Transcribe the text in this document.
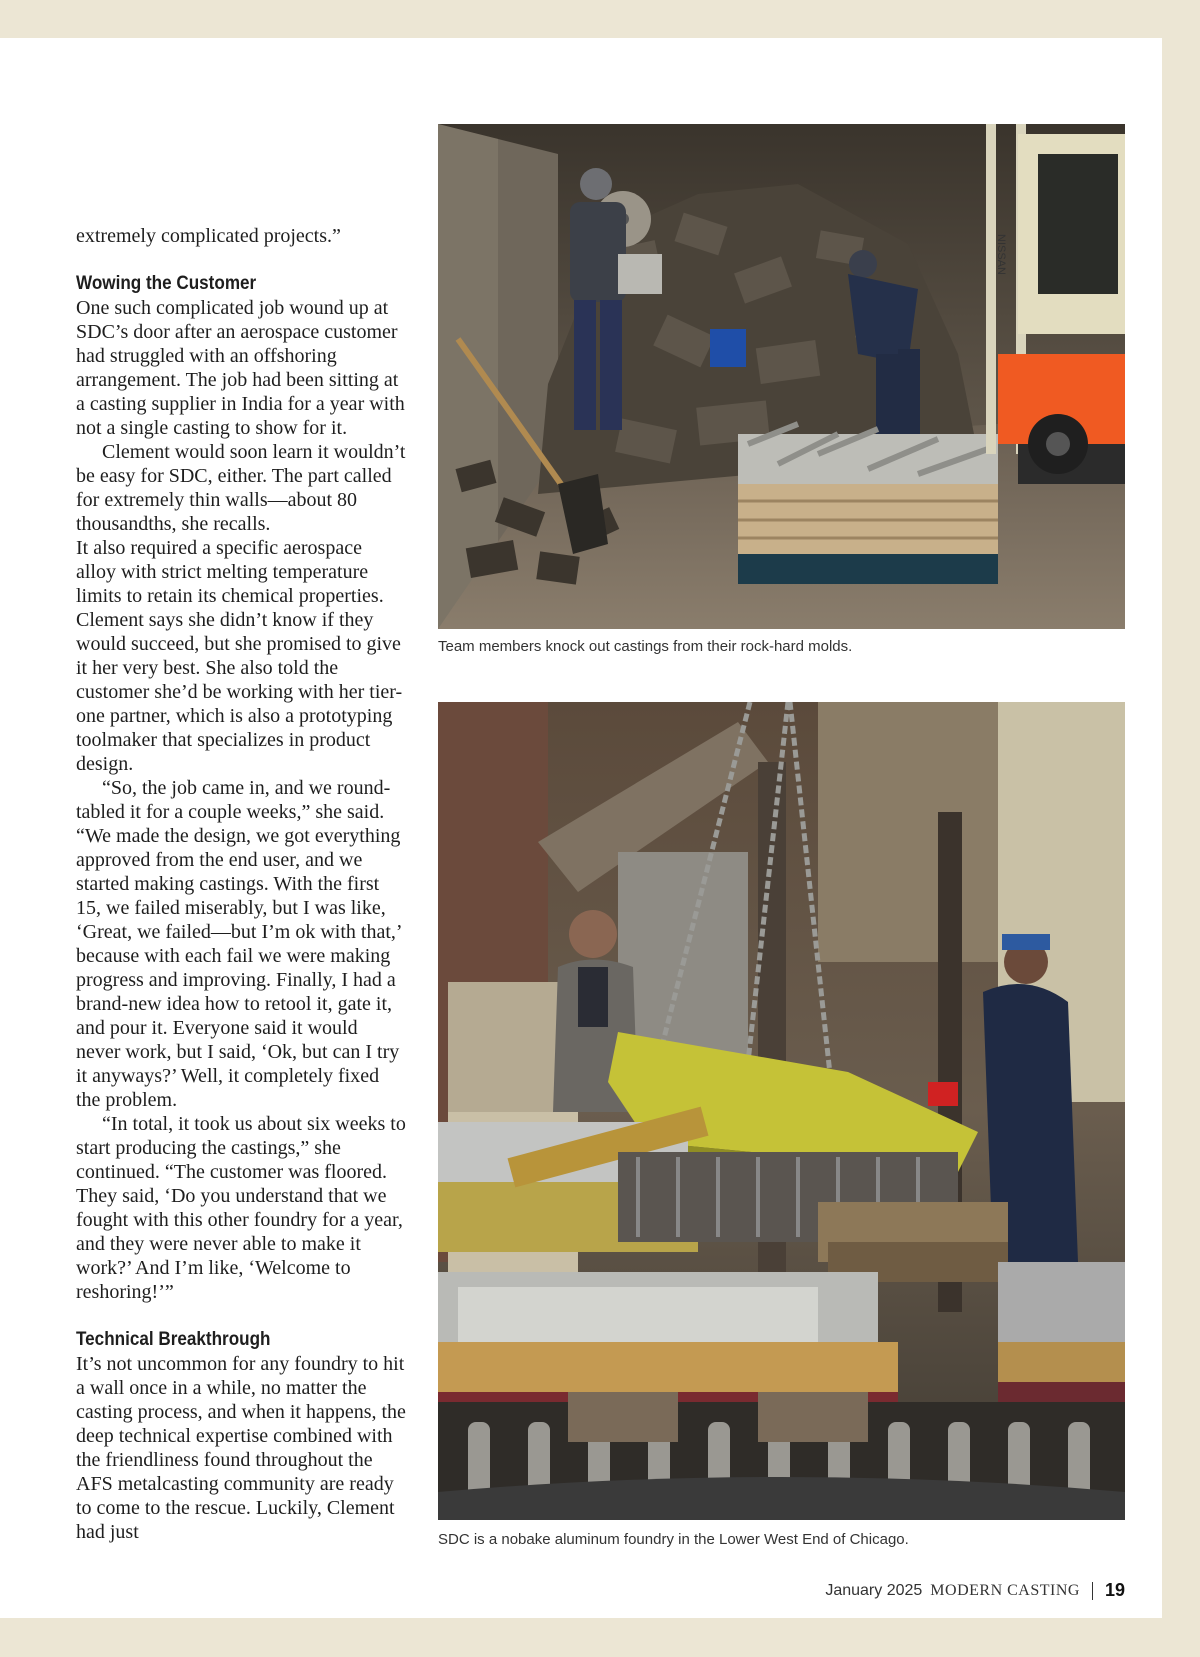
extremely complicated projects.”

Wowing the Customer

One such complicated job wound up at SDC’s door after an aerospace customer had struggled with an offshoring arrangement. The job had been sitting at a casting supplier in India for a year with not a single casting to show for it.

Clement would soon learn it wouldn’t be easy for SDC, either. The part called for extremely thin walls—about 80 thousandths, she recalls.

It also required a specific aerospace alloy with strict melting temperature limits to retain its chemical properties. Clement says she didn’t know if they would succeed, but she promised to give it her very best. She also told the customer she’d be working with her tier-one partner, which is also a prototyping toolmaker that specializes in product design.

“So, the job came in, and we round-tabled it for a couple weeks,” she said. “We made the design, we got everything approved from the end user, and we started making castings. With the first 15, we failed miserably, but I was like, ‘Great, we failed—but I’m ok with that,’ because with each fail we were making progress and improving. Finally, I had a brand-new idea how to retool it, gate it, and pour it. Everyone said it would never work, but I said, ‘Ok, but can I try it anyways?’ Well, it completely fixed the problem.

“In total, it took us about six weeks to start producing the castings,” she continued. “The customer was floored. They said, ‘Do you understand that we fought with this other foundry for a year, and they were never able to make it work?’ And I’m like, ‘Welcome to reshoring!’”

Technical Breakthrough

It’s not uncommon for any foundry to hit a wall once in a while, no matter the casting process, and when it happens, the deep technical expertise combined with the friendliness found throughout the AFS metalcasting community are ready to come to the rescue. Luckily, Clement had just

NISSAN
Team members knock out castings from their rock-hard molds.
SDC is a nobake aluminum foundry in the Lower West End of Chicago.
January 2025 MODERN CASTING 19
